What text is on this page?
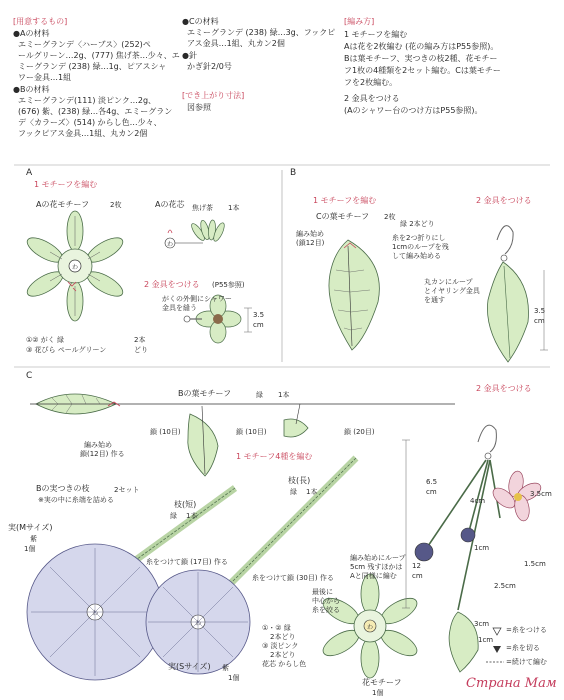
わ
わ
わ
わ
わ
[用意するもの]
●Aの材料
エミーグランデ〈ハーブス〉(252)ペ
ールグリーン…2g、(777) 焦げ茶…少々、エ
ミーグランデ (238) 緑…1g、ピアスシャ
ワー金具…1組
●Bの材料
エミーグランデ(111) 淡ピンク…2g、
(676) 紫、(238) 緑…各4g、エミーグラン
デ〈カラーズ〉(514) からし色…少々、
フックピアス金具…1組、丸カン2個
●Cの材料
エミーグランデ (238) 緑…3g、フックピ
アス金具…1組、丸カン2個
●針
かぎ針2/0号
[でき上がり寸法]
図参照
[編み方]
1 モチーフを編む
Aは花を2枚編む (花の編み方はP55参照)。
Bは葉モチーフ、実つきの枝2種、花モチー
フ1枚の4種類を2セット編む。Cは葉モチー
フを2枚編む。
2 金具をつける
(Aのシャワー台のつけ方はP55参照)。
A
1 モチーフを編む
Aの花モチーフ	2枚	Aの花芯 焦げ茶 1本
2 金具をつける (P55参照)
がくの外側にシャワー
金具を縫う
3.5
cm
①② がく 緑
③ 花びら ペールグリーン
2本
どり
B
1 モチーフを編む
Cの葉モチーフ 2枚
緑 2本どり
編み始め
(鎖12目)
糸を2つ折りにし
1cmのループを残
して編み始める
2 金具をつける
丸カンにループ
とイヤリング金具
を通す
3.5
cm
C
Bの葉モチーフ	緑 1本
鎖 (10目)	鎖 (10目)	鎖 (20目)
編み始め
鎖(12目) 作る	1 モチーフ4種を編む
2 金具をつける
Bの実つきの枝	2セット
※実の中に糸端を詰める	枝(短)
緑 1本
枝(長)
緑 1本
実(Mサイズ)
紫
1個
実(Sサイズ) 紫
1個
糸をつけて鎖 (17目) 作る
糸をつけて鎖 (30目) 作る
編み始めにループ
5cm 残すほかは
Aと同様に編む
最後に
中心から
糸を絞る
①・② 緑
2本どり
③ 淡ピンク
2本どり
花芯 からし色
花モチーフ
1個
6.5
cm
4cm
3.5cm
12
cm
1cm
1.5cm
2.5cm
3cm
1cm
=糸をつける
=糸を切る
=続けて編む
Страна Мам
